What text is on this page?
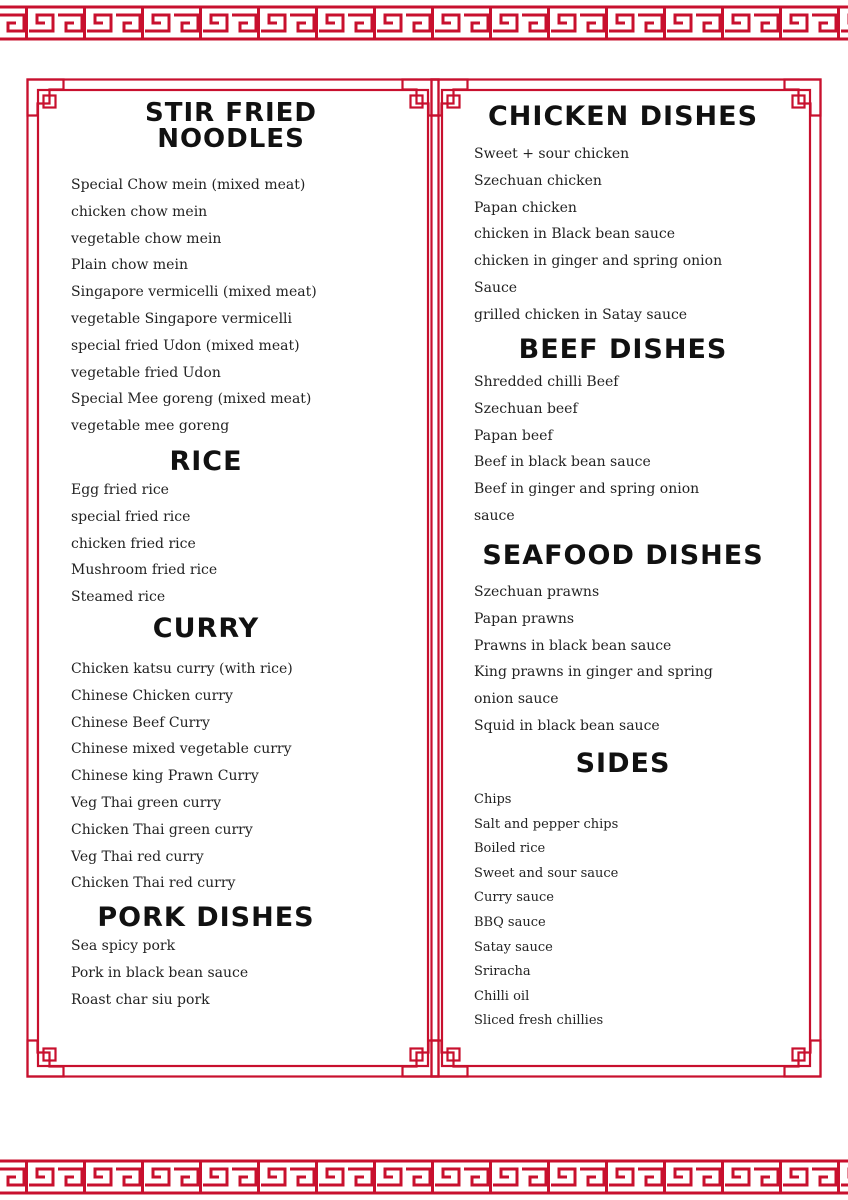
STIR FRIED NOODLES
Special Chow mein (mixed meat)
chicken chow mein
vegetable chow mein
Plain chow mein
Singapore vermicelli (mixed meat)
vegetable Singapore vermicelli
special fried Udon (mixed meat)
vegetable fried Udon
Special Mee goreng (mixed meat)
vegetable mee goreng
RICE
Egg fried rice
special fried rice
chicken fried rice
Mushroom fried rice
Steamed rice
CURRY
Chicken katsu curry (with rice)
Chinese Chicken curry
Chinese Beef Curry
Chinese mixed vegetable curry
Chinese king Prawn Curry
Veg Thai green curry
Chicken Thai green curry
Veg Thai red curry
Chicken Thai red curry
PORK DISHES
Sea spicy pork
Pork in black bean sauce
Roast char siu pork
CHICKEN DISHES
Sweet + sour chicken
Szechuan chicken
Papan chicken
chicken in Black bean sauce
chicken in ginger and spring onion
Sauce
grilled chicken in Satay sauce
BEEF DISHES
Shredded chilli Beef
Szechuan beef
Papan beef
Beef in black bean sauce
Beef in ginger and spring onion
sauce
SEAFOOD DISHES
Szechuan prawns
Papan prawns
Prawns in black bean sauce
King prawns in ginger and spring
onion sauce
Squid in black bean sauce
SIDES
Chips
Salt and pepper chips
Boiled rice
Sweet and sour sauce
Curry sauce
BBQ sauce
Satay sauce
Sriracha
Chilli oil
Sliced fresh chillies
